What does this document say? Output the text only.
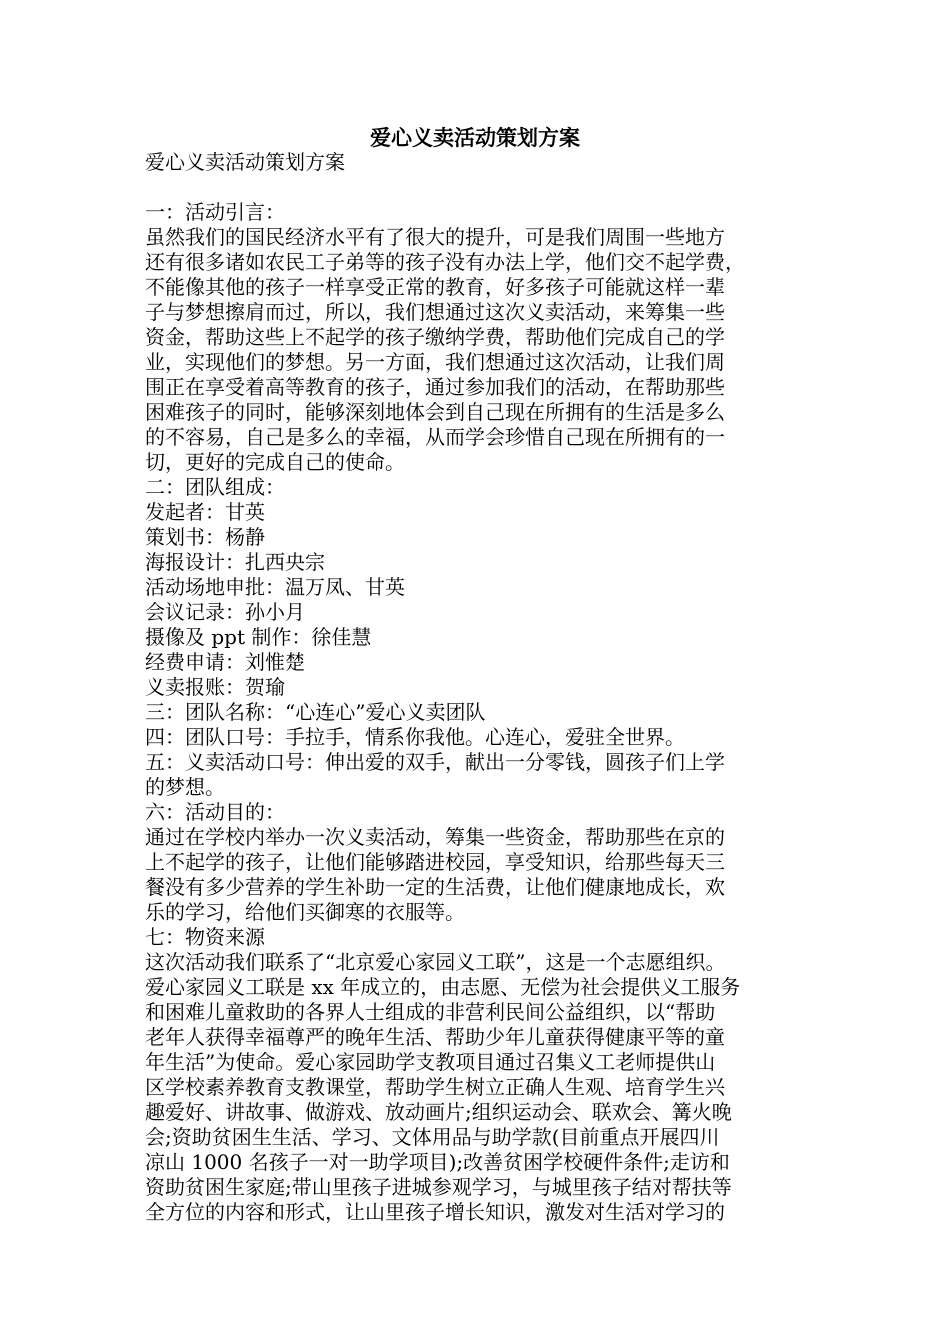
爱心义卖活动策划方案
爱心义卖活动策划方案
一：活动引言：
虽然我们的国民经济水平有了很大的提升，可是我们周围一些地方
还有很多诸如农民工子弟等的孩子没有办法上学，他们交不起学费，
不能像其他的孩子一样享受正常的教育，好多孩子可能就这样一辈
子与梦想擦肩而过，所以，我们想通过这次义卖活动，来筹集一些
资金，帮助这些上不起学的孩子缴纳学费，帮助他们完成自己的学
业，实现他们的梦想。另一方面，我们想通过这次活动，让我们周
围正在享受着高等教育的孩子，通过参加我们的活动，在帮助那些
困难孩子的同时，能够深刻地体会到自己现在所拥有的生活是多么
的不容易，自己是多么的幸福，从而学会珍惜自己现在所拥有的一
切，更好的完成自己的使命。
二：团队组成：
发起者：甘英
策划书：杨静
海报设计：扎西央宗
活动场地申批：温万凤、甘英
会议记录：孙小月
摄像及 ppt 制作：徐佳慧
经费申请：刘惟楚
义卖报账：贺瑜
三：团队名称：“心连心”爱心义卖团队
四：团队口号：手拉手，情系你我他。心连心，爱驻全世界。
五：义卖活动口号：伸出爱的双手，献出一分零钱，圆孩子们上学
的梦想。
六：活动目的：
通过在学校内举办一次义卖活动，筹集一些资金，帮助那些在京的
上不起学的孩子，让他们能够踏进校园，享受知识，给那些每天三
餐没有多少营养的学生补助一定的生活费，让他们健康地成长，欢
乐的学习，给他们买御寒的衣服等。
七：物资来源
这次活动我们联系了“北京爱心家园义工联”，这是一个志愿组织。
爱心家园义工联是 xx 年成立的，由志愿、无偿为社会提供义工服务
和困难儿童救助的各界人士组成的非营利民间公益组织，以“帮助
老年人获得幸福尊严的晚年生活、帮助少年儿童获得健康平等的童
年生活”为使命。爱心家园助学支教项目通过召集义工老师提供山
区学校素养教育支教课堂，帮助学生树立正确人生观、培育学生兴
趣爱好、讲故事、做游戏、放动画片;组织运动会、联欢会、篝火晚
会;资助贫困生生活、学习、文体用品与助学款(目前重点开展四川
凉山 1000 名孩子一对一助学项目);改善贫困学校硬件条件;走访和
资助贫困生家庭;带山里孩子进城参观学习，与城里孩子结对帮扶等
全方位的内容和形式，让山里孩子增长知识，激发对生活对学习的
